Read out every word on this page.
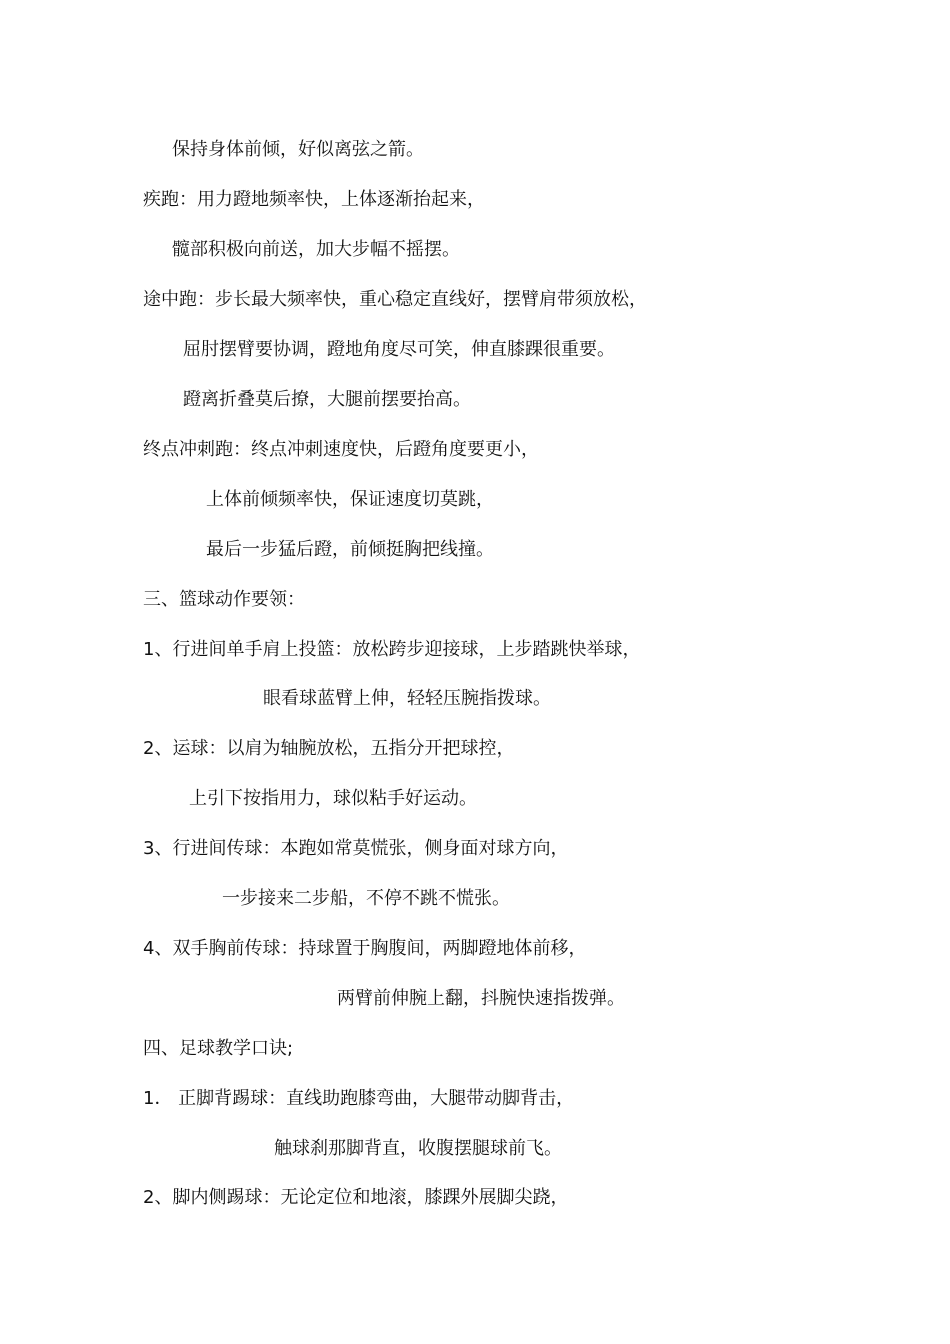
保持身体前倾，好似离弦之箭。
疾跑：用力蹬地频率快，上体逐渐抬起来，
髋部积极向前送，加大步幅不摇摆。
途中跑：步长最大频率快，重心稳定直线好，摆臂肩带须放松，
屈肘摆臂要协调，蹬地角度尽可笑，伸直膝踝很重要。
蹬离折叠莫后撩，大腿前摆要抬高。
终点冲刺跑：终点冲刺速度快，后蹬角度要更小，
上体前倾频率快，保证速度切莫跳，
最后一步猛后蹬，前倾挺胸把线撞。
三、篮球动作要领：
1、行进间单手肩上投篮：放松跨步迎接球，上步踏跳快举球，
眼看球蓝臂上伸，轻轻压腕指拨球。
2、运球：以肩为轴腕放松，五指分开把球控，
上引下按指用力，球似粘手好运动。
3、行进间传球：本跑如常莫慌张，侧身面对球方向，
一步接来二步船，不停不跳不慌张。
4、双手胸前传球：持球置于胸腹间，两脚蹬地体前移，
两臂前伸腕上翻，抖腕快速指拨弹。
四、足球教学口诀;
1． 正脚背踢球：直线助跑膝弯曲，大腿带动脚背击，
触球刹那脚背直，收腹摆腿球前飞。
2、脚内侧踢球：无论定位和地滚，膝踝外展脚尖跷，
